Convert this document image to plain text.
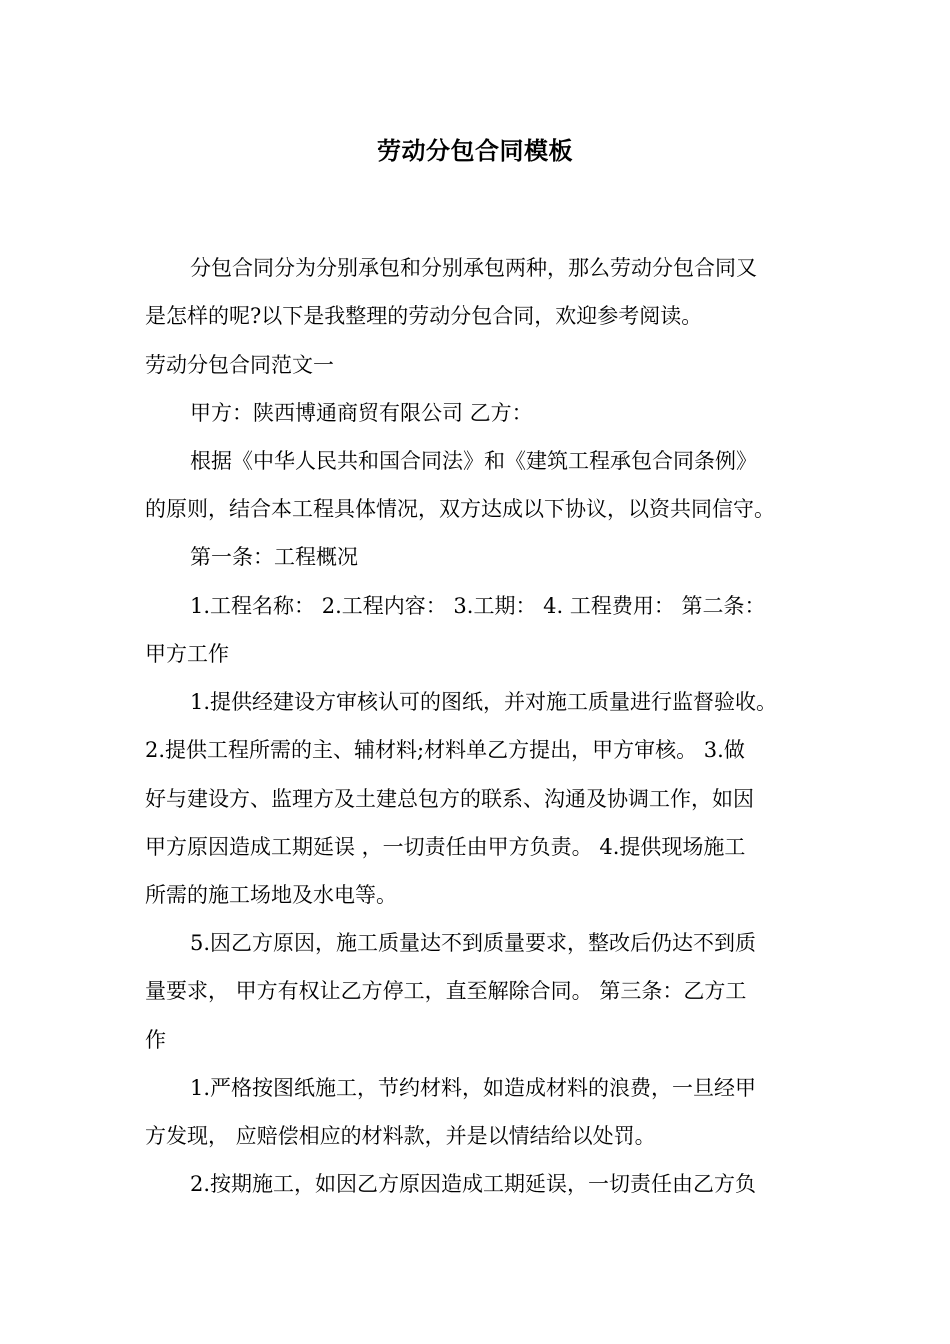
劳动分包合同模板

分包合同分为分别承包和分别承包两种，那么劳动分包合同又

是怎样的呢?以下是我整理的劳动分包合同，欢迎参考阅读。

劳动分包合同范文一

甲方：陕西博通商贸有限公司 乙方：

根据《中华人民共和国合同法》和《建筑工程承包合同条例》

的原则，结合本工程具体情况，双方达成以下协议，以资共同信守。

第一条：工程概况

1.工程名称： 2.工程内容： 3.工期： 4. 工程费用： 第二条：

甲方工作

1.提供经建设方审核认可的图纸，并对施工质量进行监督验收。

2.提供工程所需的主、辅材料;材料单乙方提出，甲方审核。 3.做

好与建设方、监理方及土建总包方的联系、沟通及协调工作，如因

甲方原因造成工期延误 ，一切责任由甲方负责。 4.提供现场施工

所需的施工场地及水电等。

5.因乙方原因，施工质量达不到质量要求，整改后仍达不到质

量要求， 甲方有权让乙方停工，直至解除合同。 第三条：乙方工

作

1.严格按图纸施工，节约材料，如造成材料的浪费，一旦经甲

方发现， 应赔偿相应的材料款，并是以情结给以处罚。

2.按期施工，如因乙方原因造成工期延误，一切责任由乙方负
